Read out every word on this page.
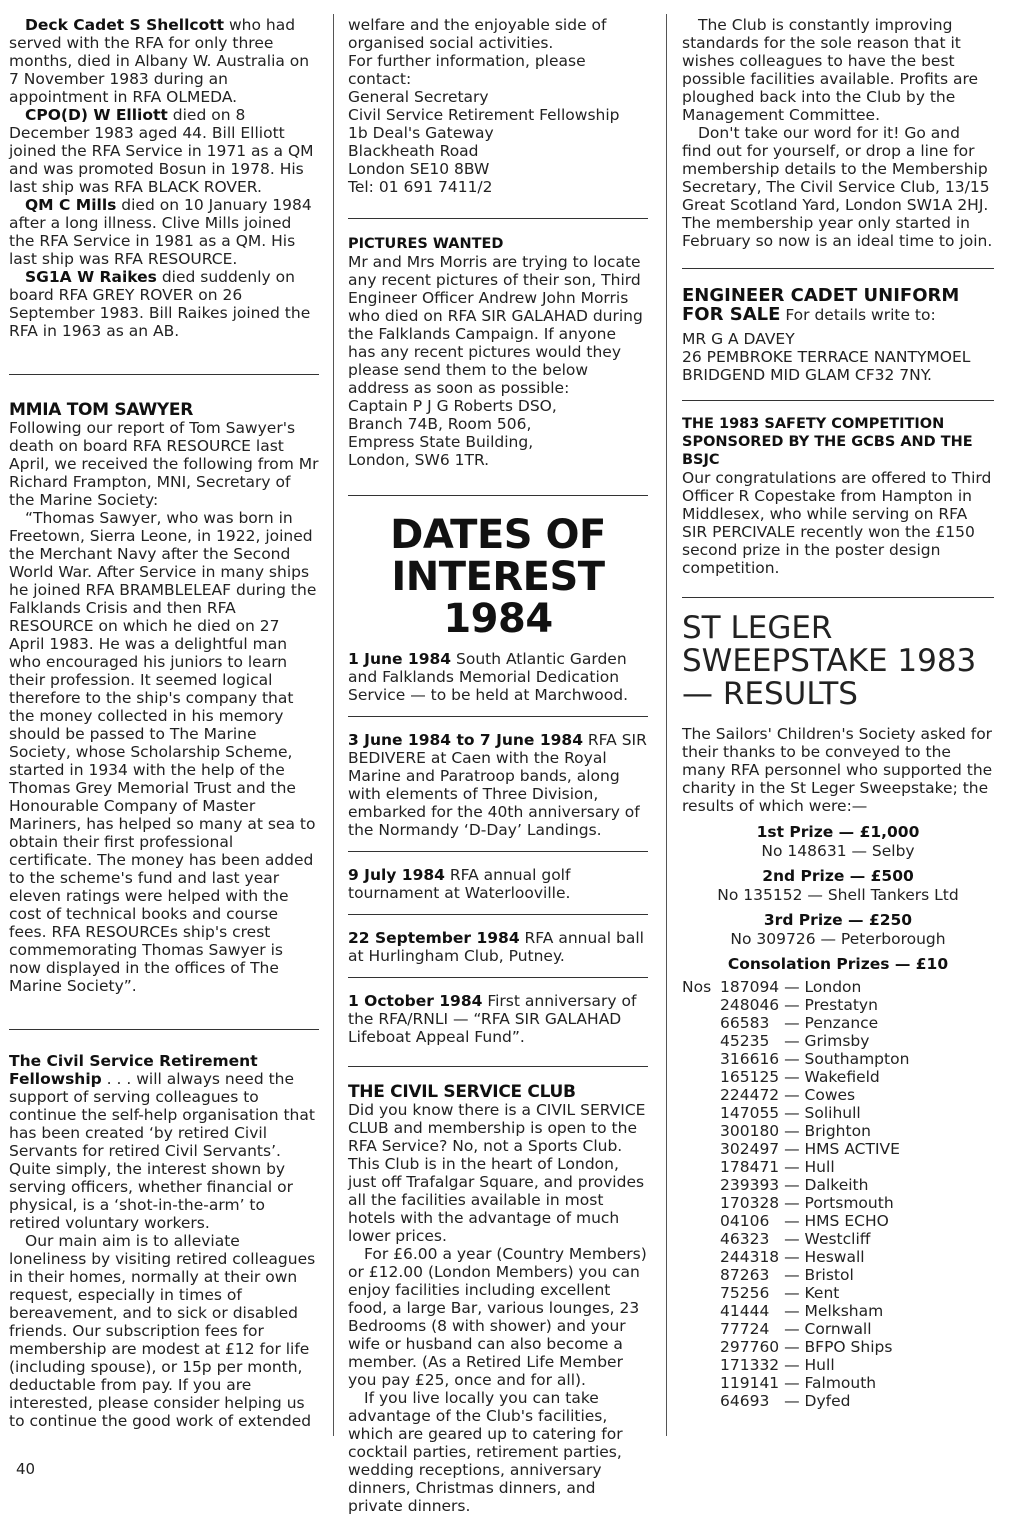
Deck Cadet S Shellcott who had served with the RFA for only three months, died in Albany W. Australia on 7 November 1983 during an appointment in RFA OLMEDA.

CPO(D) W Elliott died on 8 December 1983 aged 44. Bill Elliott joined the RFA Service in 1971 as a QM and was promoted Bosun in 1978. His last ship was RFA BLACK ROVER.

QM C Mills died on 10 January 1984 after a long illness. Clive Mills joined the RFA Service in 1981 as a QM. His last ship was RFA RESOURCE.

SG1A W Raikes died suddenly on board RFA GREY ROVER on 26 September 1983. Bill Raikes joined the RFA in 1963 as an AB.

MMIA TOM SAWYER

Following our report of Tom Sawyer's death on board RFA RESOURCE last April, we received the following from Mr Richard Frampton, MNI, Secretary of the Marine Society:

“Thomas Sawyer, who was born in Freetown, Sierra Leone, in 1922, joined the Merchant Navy after the Second World War. After Service in many ships he joined RFA BRAMBLELEAF during the Falklands Crisis and then RFA RESOURCE on which he died on 27 April 1983. He was a delightful man who encouraged his juniors to learn their profession. It seemed logical therefore to the ship's company that the money collected in his memory should be passed to The Marine Society, whose Scholarship Scheme, started in 1934 with the help of the Thomas Grey Memorial Trust and the Honourable Company of Master Mariners, has helped so many at sea to obtain their first professional certificate. The money has been added to the scheme's fund and last year eleven ratings were helped with the cost of technical books and course fees. RFA RESOURCEs ship's crest commemorating Thomas Sawyer is now displayed in the offices of The Marine Society”.

The Civil Service Retirement Fellowship . . . will always need the support of serving colleagues to continue the self-help organisation that has been created ‘by retired Civil Servants for retired Civil Servants’. Quite simply, the interest shown by serving officers, whether financial or physical, is a ‘shot-in-the-arm’ to retired voluntary workers.

Our main aim is to alleviate loneliness by visiting retired colleagues in their homes, normally at their own request, especially in times of bereavement, and to sick or disabled friends. Our subscription fees for membership are modest at £12 for life (including spouse), or 15p per month, deductable from pay. If you are interested, please consider helping us to continue the good work of extended

welfare and the enjoyable side of organised social activities.

For further information, please contact:

General Secretary

Civil Service Retirement Fellowship

1b Deal's Gateway

Blackheath Road

London SE10 8BW

Tel: 01 691 7411/2

PICTURES WANTED

Mr and Mrs Morris are trying to locate any recent pictures of their son, Third Engineer Officer Andrew John Morris who died on RFA SIR GALAHAD during the Falklands Campaign. If anyone has any recent pictures would they please send them to the below address as soon as possible:

Captain P J G Roberts DSO,

Branch 74B, Room 506,

Empress State Building,

London, SW6 1TR.

DATES OF
INTEREST 1984

1 June 1984 South Atlantic Garden and Falklands Memorial Dedication Service — to be held at Marchwood.

3 June 1984 to 7 June 1984 RFA SIR BEDIVERE at Caen with the Royal Marine and Paratroop bands, along with elements of Three Division, embarked for the 40th anniversary of the Normandy ‘D-Day’ Landings.

9 July 1984 RFA annual golf tournament at Waterlooville.

22 September 1984 RFA annual ball at Hurlingham Club, Putney.

1 October 1984 First anniversary of the RFA/RNLI — “RFA SIR GALAHAD Lifeboat Appeal Fund”.

THE CIVIL SERVICE CLUB

Did you know there is a CIVIL SERVICE CLUB and membership is open to the RFA Service? No, not a Sports Club. This Club is in the heart of London, just off Trafalgar Square, and provides all the facilities available in most hotels with the advantage of much lower prices.

For £6.00 a year (Country Members) or £12.00 (London Members) you can enjoy facilities including excellent food, a large Bar, various lounges, 23 Bedrooms (8 with shower) and your wife or husband can also become a member. (As a Retired Life Member you pay £25, once and for all).

If you live locally you can take advantage of the Club's facilities, which are geared up to catering for cocktail parties, retirement parties, wedding receptions, anniversary dinners, Christmas dinners, and private dinners.

The Club is constantly improving standards for the sole reason that it wishes colleagues to have the best possible facilities available. Profits are ploughed back into the Club by the Management Committee.

Don't take our word for it! Go and find out for yourself, or drop a line for membership details to the Membership Secretary, The Civil Service Club, 13/15 Great Scotland Yard, London SW1A 2HJ. The membership year only started in February so now is an ideal time to join.

ENGINEER CADET UNIFORM
FOR SALE For details write to:

MR G A DAVEY

26 PEMBROKE TERRACE NANTYMOEL

BRIDGEND MID GLAM CF32 7NY.

THE 1983 SAFETY COMPETITION SPONSORED BY THE GCBS AND THE BSJC

Our congratulations are offered to Third Officer R Copestake from Hampton in Middlesex, who while serving on RFA SIR PERCIVALE recently won the £150 second prize in the poster design competition.

ST LEGER SWEEPSTAKE 1983 — RESULTS

The Sailors' Children's Society asked for their thanks to be conveyed to the many RFA personnel who supported the charity in the St Leger Sweepstake; the results of which were:—

1st Prize — £1,000
No 148631 — Selby
2nd Prize — £500
No 135152 — Shell Tankers Ltd
3rd Prize — £250
No 309726 — Peterborough
Consolation Prizes — £10
Nos	187094	— London
	248046	— Prestatyn
	66583	— Penzance
	45235	— Grimsby
	316616	— Southampton
	165125	— Wakefield
	224472	— Cowes
	147055	— Solihull
	300180	— Brighton
	302497	— HMS ACTIVE
	178471	— Hull
	239393	— Dalkeith
	170328	— Portsmouth
	04106	— HMS ECHO
	46323	— Westcliff
	244318	— Heswall
	87263	— Bristol
	75256	— Kent
	41444	— Melksham
	77724	— Cornwall
	297760	— BFPO Ships
	171332	— Hull
	119141	— Falmouth
	64693	— Dyfed
40
